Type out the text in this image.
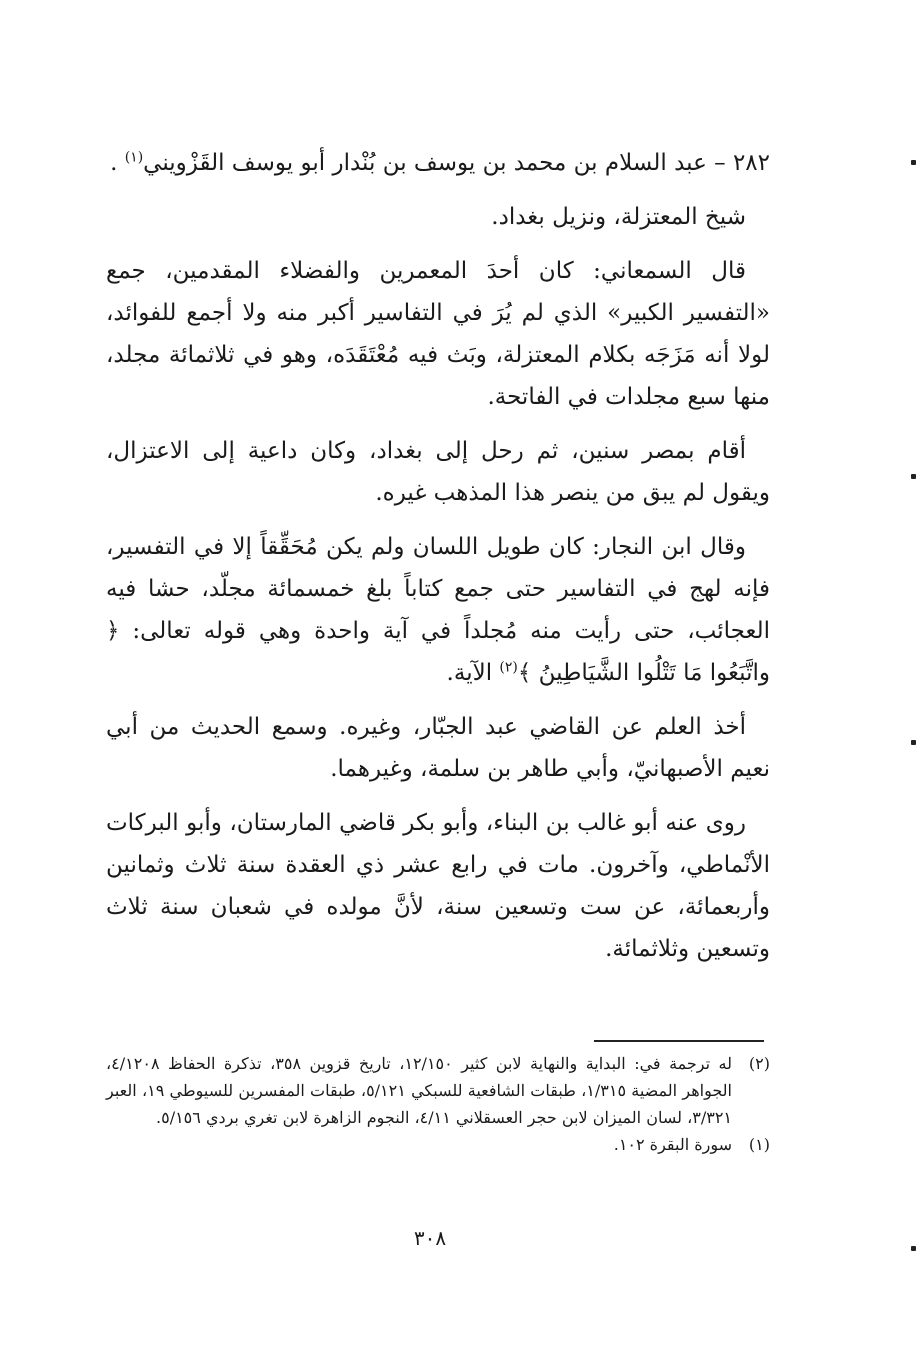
٢٨٢ – عبد السلام بن محمد بن يوسف بن بُنْدار أبو يوسف القَزْويني$^{(١)}$ .

شيخ المعتزلة، ونزيل بغداد.

قال السمعاني: كان أحدَ المعمرين والفضلاء المقدمين، جمع «التفسير الكبير» الذي لم يُرَ في التفاسير أكبر منه ولا أجمع للفوائد، لولا أنه مَزَجَه بكلام المعتزلة، وبَث فيه مُعْتَقَدَه، وهو في ثلاثمائة مجلد، منها سبع مجلدات في الفاتحة.

أقام بمصر سنين، ثم رحل إلى بغداد، وكان داعية إلى الاعتزال، ويقول لم يبق من ينصر هذا المذهب غيره.

وقال ابن النجار: كان طويل اللسان ولم يكن مُحَقِّقاً إلا في التفسير، فإنه لهج في التفاسير حتى جمع كتاباً بلغ خمسمائة مجلّد، حشا فيه العجائب، حتى رأيت منه مُجلداً في آية واحدة وهي قوله تعالى: ﴿ واتَّبَعُوا مَا تَتْلُوا الشَّيَاطِينُ ﴾$^{(٢)}$ الآية.

أخذ العلم عن القاضي عبد الجبّار، وغيره. وسمع الحديث من أبي نعيم الأصبهانيّ، وأبي طاهر بن سلمة، وغيرهما.

روى عنه أبو غالب بن البناء، وأبو بكر قاضي المارستان، وأبو البركات الأنْماطي، وآخرون. مات في رابع عشر ذي العقدة سنة ثلاث وثمانين وأربعمائة، عن ست وتسعين سنة، لأنَّ مولده في شعبان سنة ثلاث وتسعين وثلاثمائة.

(٢)
له ترجمة في: البداية والنهاية لابن كثير ١٢/١٥٠، تاريخ قزوين ٣٥٨، تذكرة الحفاظ ٤/١٢٠٨، الجواهر المضية ١/٣١٥، طبقات الشافعية للسبكي ٥/١٢١، طبقات المفسرين للسيوطي ١٩، العبر ٣/٣٢١، لسان الميزان لابن حجر العسقلاني ٤/١١، النجوم الزاهرة لابن تغري بردي ٥/١٥٦.
(١)
سورة البقرة ١٠٢.
٣٠٨
